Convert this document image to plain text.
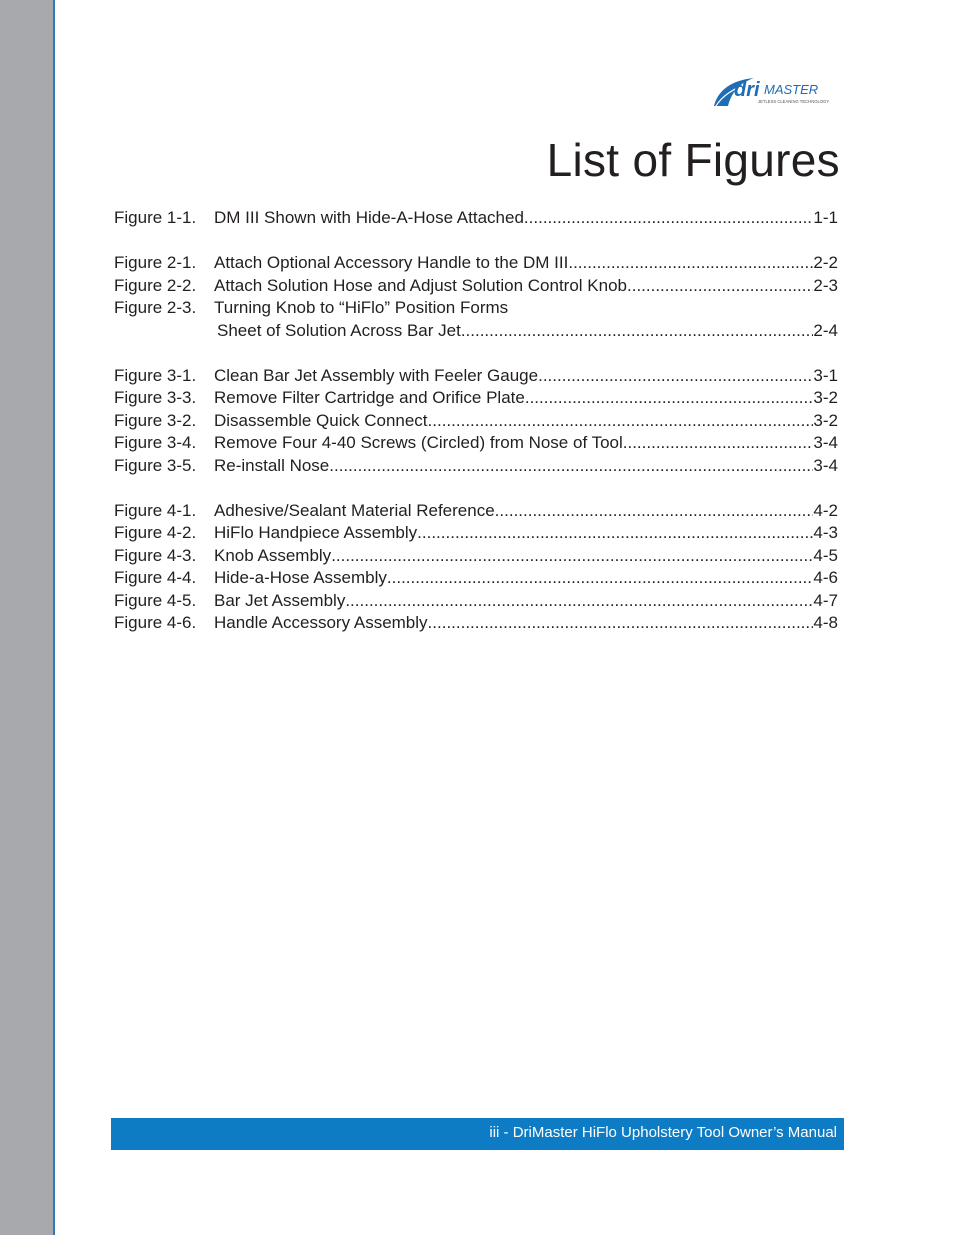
dri MASTER
JETLESS CLEANING TECHNOLOGY
List of Figures
Figure 1-1.	DM III Shown with Hide-A-Hose Attached .....	1-1
Figure 2-1.	Attach Optional Accessory Handle to the DM III .....	2-2
Figure 2-2.	Attach Solution Hose and Adjust Solution Control Knob .....	2-3
Figure 2-3.	Turning Knob to “HiFlo” Position Forms
Sheet of Solution Across Bar Jet .....	2-4
Figure 3-1.	Clean Bar Jet Assembly with Feeler Gauge .....	3-1
Figure 3-3.	Remove Filter Cartridge and Orifice Plate .....	3-2
Figure 3-2.	Disassemble Quick Connect .....	3-2
Figure 3-4.	Remove Four 4-40 Screws (Circled) from Nose of Tool .....	3-4
Figure 3-5.	Re-install Nose .....	3-4
Figure 4-1.	Adhesive/Sealant Material Reference .....	4-2
Figure 4-2.	HiFlo Handpiece Assembly .....	4-3
Figure 4-3.	Knob Assembly .....	4-5
Figure 4-4.	Hide-a-Hose Assembly .....	4-6
Figure 4-5.	Bar Jet Assembly .....	4-7
Figure 4-6.	Handle Accessory Assembly .....	4-8
iii - DriMaster HiFlo Upholstery Tool Owner’s Manual
